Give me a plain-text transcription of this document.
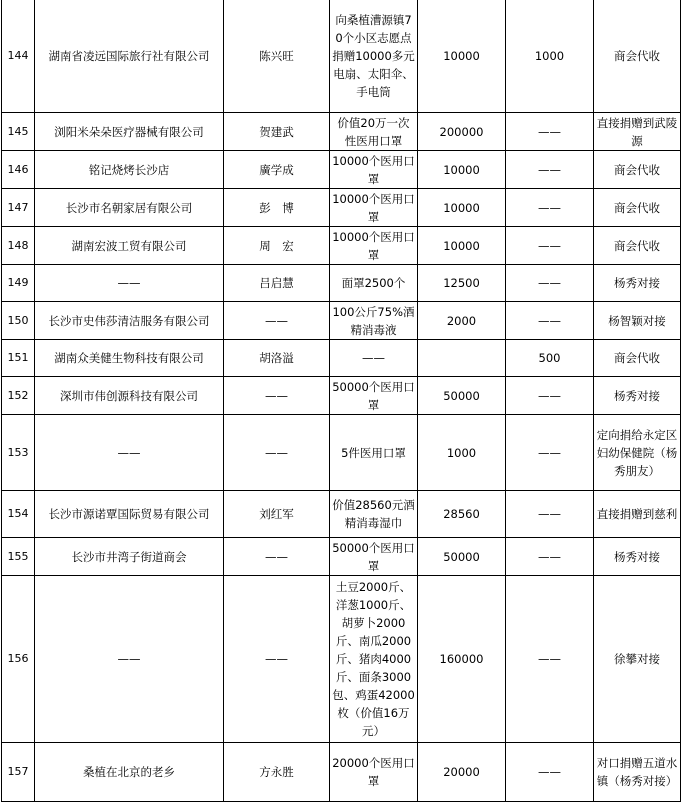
144	湖南省凌远国际旅行社有限公司	陈兴旺	向桑植漕源镇70个小区志愿点捐赠10000多元电扇、太阳伞、手电筒	10000	1000	商会代收
145	浏阳米朵朵医疗器械有限公司	贺建武	价值20万一次性医用口罩	200000	——	直接捐赠到武陵源
146	铭记烧烤长沙店	廣学成	10000个医用口罩	10000	——	商会代收
147	长沙市名朝家居有限公司	彭　博	10000个医用口罩	10000	——	商会代收
148	湖南宏波工贸有限公司	周　宏	10000个医用口罩	10000	——	商会代收
149	——	吕启慧	面罩2500个	12500	——	杨秀对接
150	长沙市史伟莎清洁服务有限公司	——	100公斤75%酒精消毒液	2000	——	杨智颖对接
151	湖南众美健生物科技有限公司	胡洛溢	——		500	商会代收
152	深圳市伟创源科技有限公司	——	50000个医用口罩	50000	——	杨秀对接
153	——	——	5件医用口罩	1000	——	定向捐给永定区妇幼保健院（杨秀朋友）
154	长沙市源诺覃国际贸易有限公司	刘红军	价值28560元酒精消毒湿巾	28560	——	直接捐赠到慈利
155	长沙市井湾子街道商会	——	50000个医用口罩	50000	——	杨秀对接
156	——	——	土豆2000斤、洋葱1000斤、胡萝卜2000斤、南瓜2000斤、猪肉4000斤、面条3000包、鸡蛋42000枚（价值16万元）	160000	——	徐攀对接
157	桑植在北京的老乡	方永胜	20000个医用口罩	20000	——	对口捐赠五道水镇（杨秀对接）
